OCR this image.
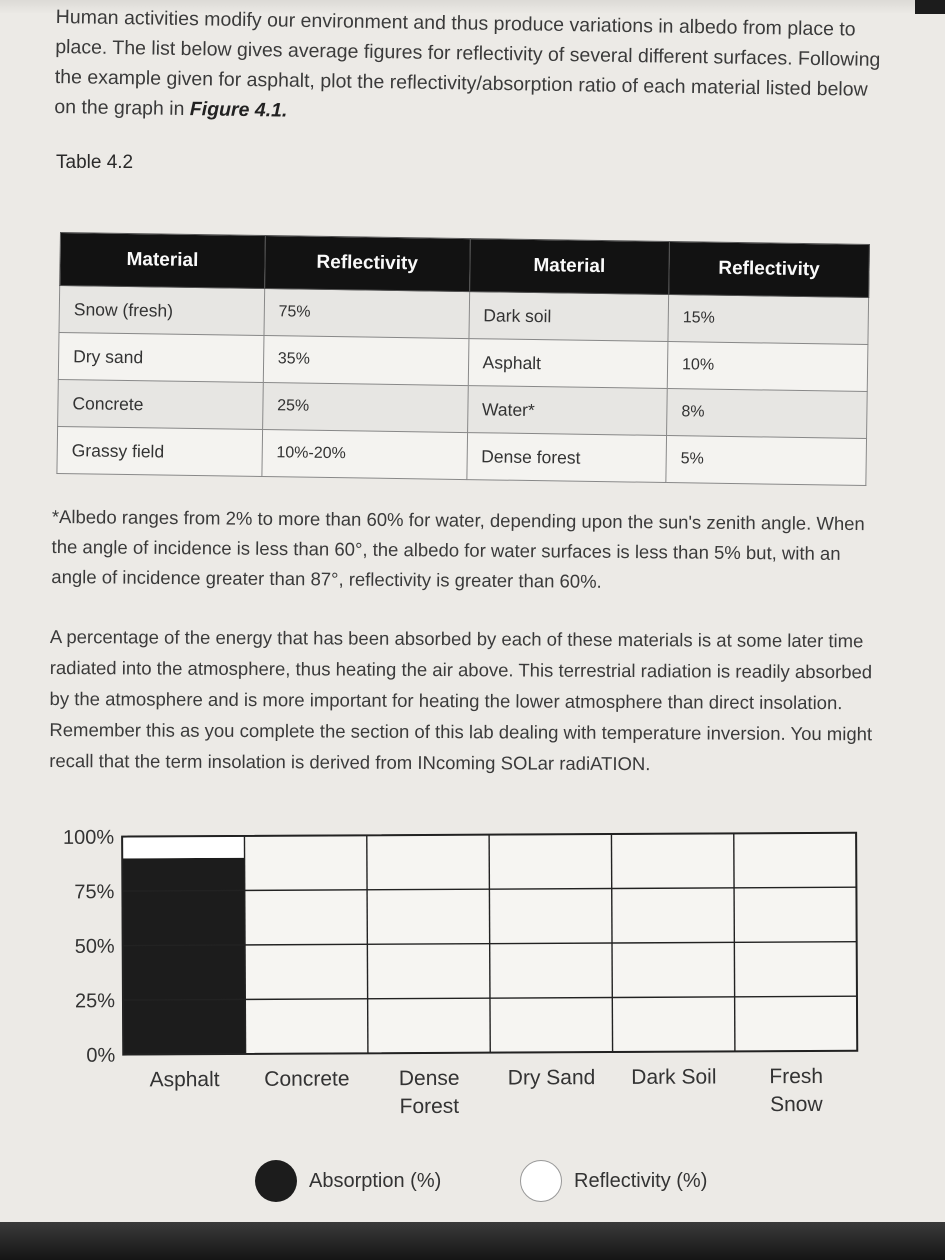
Human activities modify our environment and thus produce variations in albedo from place to place. The list below gives average figures for reflectivity of several different surfaces. Following the example given for asphalt, plot the reflectivity/absorption ratio of each material listed below on the graph in Figure 4.1.
Table 4.2
Material	Reflectivity	Material	Reflectivity
Snow (fresh)	75%	Dark soil	15%
Dry sand	35%	Asphalt	10%
Concrete	25%	Water*	8%
Grassy field	10%-20%	Dense forest	5%
*Albedo ranges from 2% to more than 60% for water, depending upon the sun's zenith angle. When the angle of incidence is less than 60°, the albedo for water surfaces is less than 5% but, with an angle of incidence greater than 87°, reflectivity is greater than 60%.
A percentage of the energy that has been absorbed by each of these materials is at some later time radiated into the atmosphere, thus heating the air above. This terrestrial radiation is readily absorbed by the atmosphere and is more important for heating the lower atmosphere than direct insolation. Remember this as you complete the section of this lab dealing with temperature inversion. You might recall that the term insolation is derived from INcoming SOLar radiATION.
100%
75%
50%
25%
0%
Asphalt Concrete Dense
Forest
Dry Sand Dark Soil	Fresh
Snow
Absorption (%)	Reflectivity (%)
